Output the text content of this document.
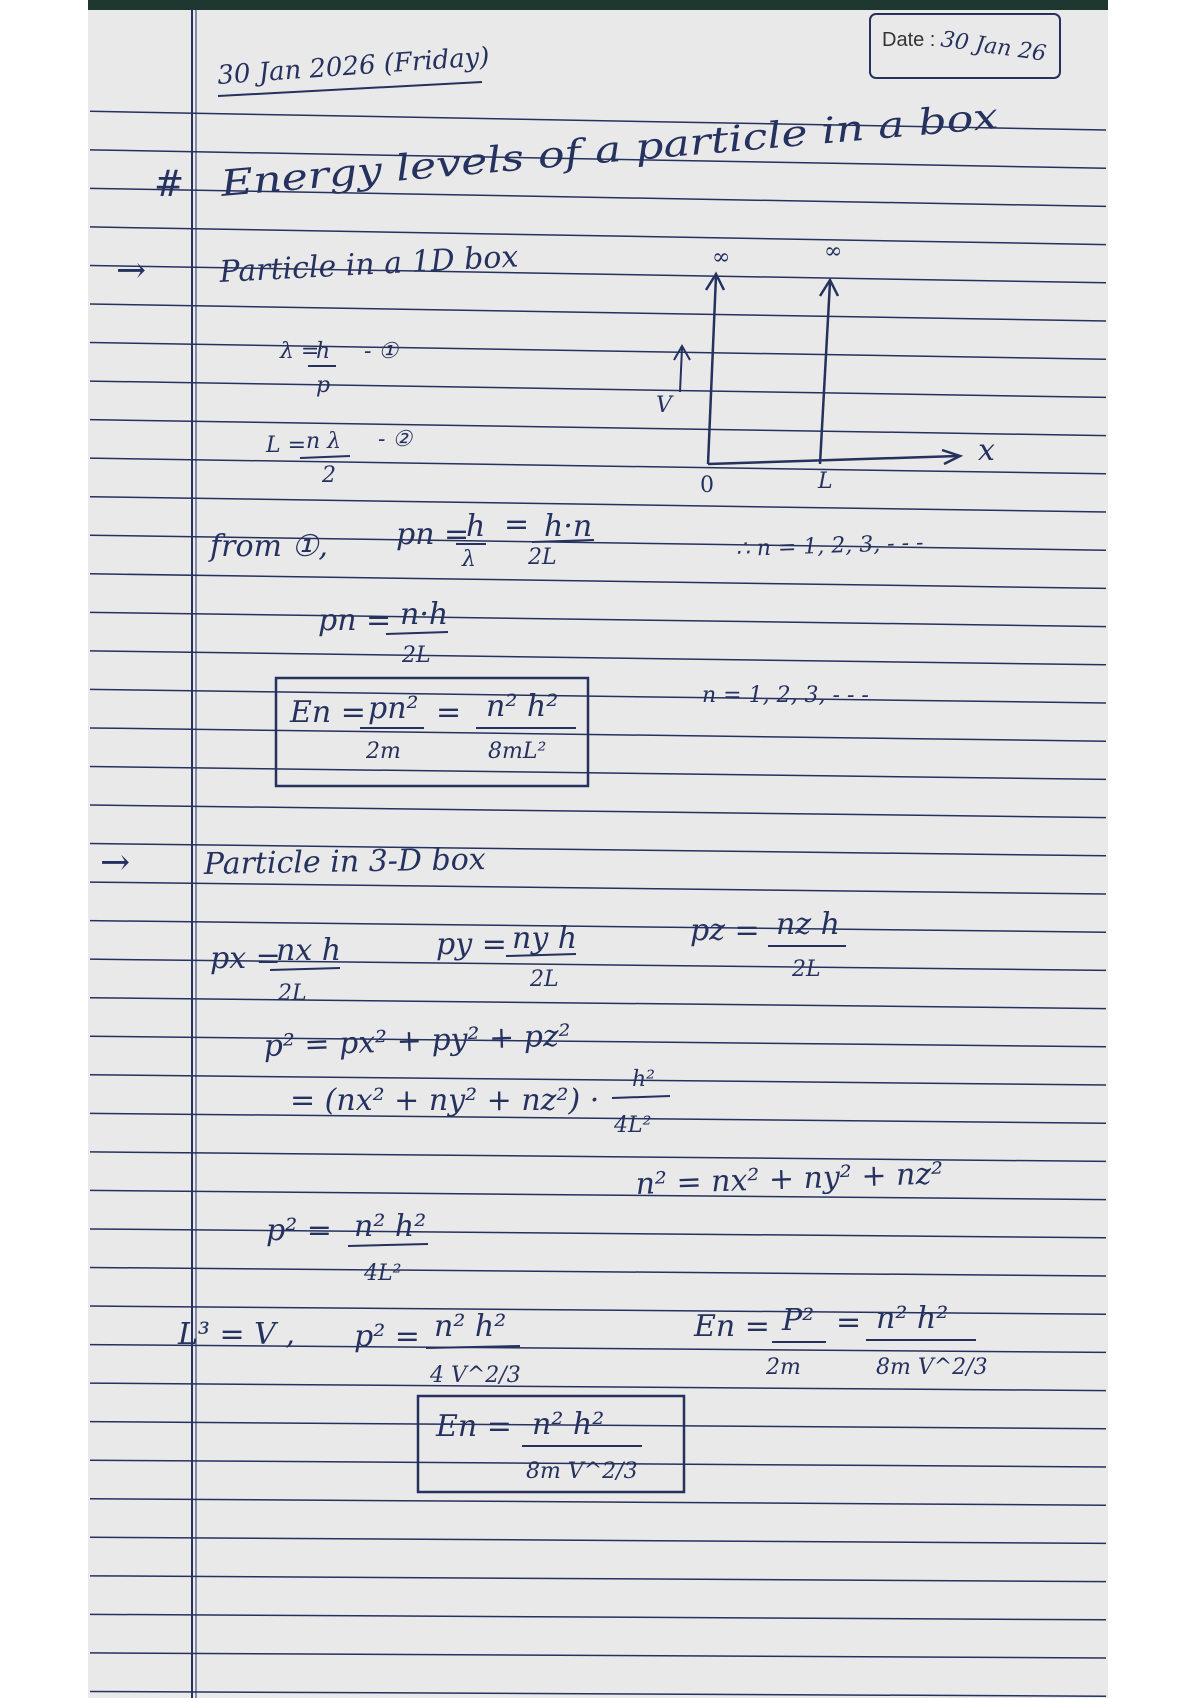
30 Jan 2026 (Friday)
Date : 30 Jan 26
# Energy levels of a particle in a box
→ Particle in a 1D box
λ =
h
p
- ①
L = n λ
2
- ②
from ①, pn =
h
λ
= h·n
2L	∴ n = 1, 2, 3, - - -
pn = n·h
2L
En = pn²
2m
= n² h²
8mL²
n = 1, 2, 3, - - -
∞	∞
V
0	L
x
→ Particle in 3-D box
px =
nx h
2L
py = ny h
2L
pz = nz h
2L
p² = px² + py² + pz²
= (nx² + ny² + nz²) ·
h²
4L²
n² = nx² + ny² + nz²
p² = n² h²
4L²
L³ = V , p² = n² h²
4 V^2/3
En = P²
2m
= n² h²
8m V^2/3
En = n² h²
8m V^2/3
